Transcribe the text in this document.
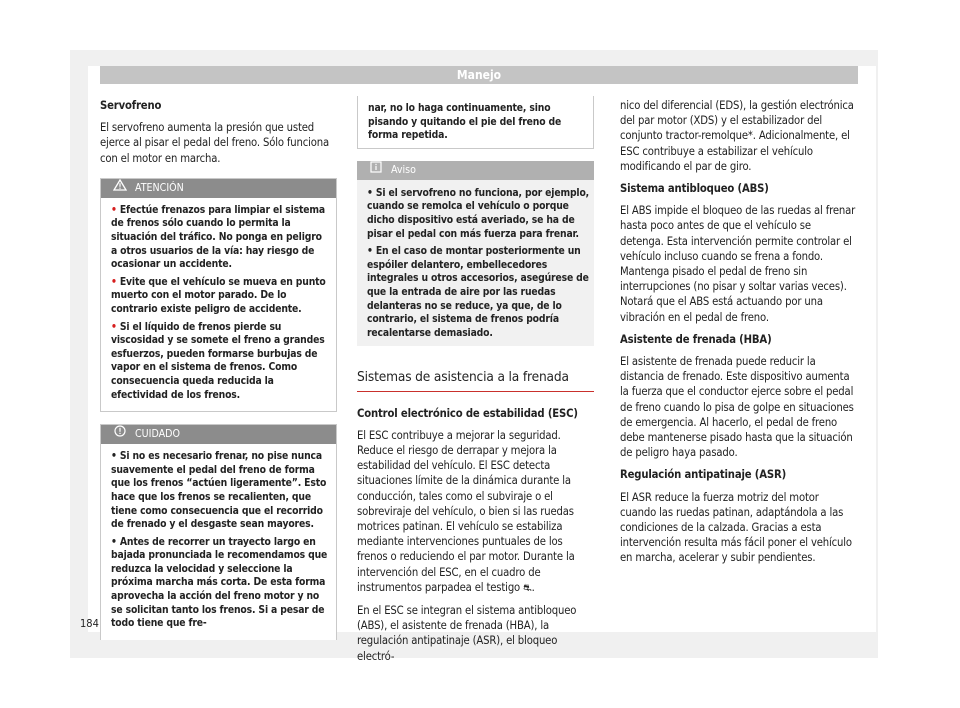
Manejo

Servofreno

El servofreno aumenta la presión que usted ejerce al pisar el pedal del freno. Sólo funciona con el motor en marcha.

ATENCIÓN
• Efectúe frenazos para limpiar el sistema de frenos sólo cuando lo permita la situación del tráfico. No ponga en peligro a otros usuarios de la vía: hay riesgo de ocasionar un accidente.
• Evite que el vehículo se mueva en punto muerto con el motor parado. De lo contrario existe peligro de accidente.
• Si el líquido de frenos pierde su viscosidad y se somete el freno a grandes esfuerzos, pueden formarse burbujas de vapor en el sistema de frenos. Como consecuencia queda reducida la efectividad de los frenos.
CUIDADO
• Si no es necesario frenar, no pise nunca suavemente el pedal del freno de forma que los frenos “actúen ligeramente”. Esto hace que los frenos se recalienten, que tiene como consecuencia que el recorrido de frenado y el desgaste sean mayores.
• Antes de recorrer un trayecto largo en bajada pronunciada le recomendamos que reduzca la velocidad y seleccione la próxima marcha más corta. De esta forma aprovecha la acción del freno motor y no se solicitan tanto los frenos. Si a pesar de todo tiene que fre-
nar, no lo haga continuamente, sino pisando y quitando el pie del freno de forma repetida.
Aviso
• Si el servofreno no funciona, por ejemplo, cuando se remolca el vehículo o porque dicho dispositivo está averiado, se ha de pisar el pedal con más fuerza para frenar.
• En el caso de montar posteriormente un espóiler delantero, embellecedores integrales u otros accesorios, asegúrese de que la entrada de aire por las ruedas delanteras no se reduce, ya que, de lo contrario, el sistema de frenos podría recalentarse demasiado.
Sistemas de asistencia a la frenada

Control electrónico de estabilidad (ESC)

El ESC contribuye a mejorar la seguridad. Reduce el riesgo de derrapar y mejora la estabilidad del vehículo. El ESC detecta situaciones límite de la dinámica durante la conducción, tales como el subviraje o el sobreviraje del vehículo, o bien si las ruedas motrices patinan. El vehículo se estabiliza mediante intervenciones puntuales de los frenos o reduciendo el par motor. Durante la intervención del ESC, en el cuadro de instrumentos parpadea el testigo ⛐.

En el ESC se integran el sistema antibloqueo (ABS), el asistente de frenada (HBA), la regulación antipatinaje (ASR), el bloqueo electró-

nico del diferencial (EDS), la gestión electrónica del par motor (XDS) y el estabilizador del conjunto tractor-remolque*. Adicionalmente, el ESC contribuye a estabilizar el vehículo modificando el par de giro.

Sistema antibloqueo (ABS)

El ABS impide el bloqueo de las ruedas al frenar hasta poco antes de que el vehículo se detenga. Esta intervención permite controlar el vehículo incluso cuando se frena a fondo. Mantenga pisado el pedal de freno sin interrupciones (no pisar y soltar varias veces). Notará que el ABS está actuando por una vibración en el pedal de freno.

Asistente de frenada (HBA)

El asistente de frenada puede reducir la distancia de frenado. Este dispositivo aumenta la fuerza que el conductor ejerce sobre el pedal de freno cuando lo pisa de golpe en situaciones de emergencia. Al hacerlo, el pedal de freno debe mantenerse pisado hasta que la situación de peligro haya pasado.

Regulación antipatinaje (ASR)

El ASR reduce la fuerza motriz del motor cuando las ruedas patinan, adaptándola a las condiciones de la calzada. Gracias a esta intervención resulta más fácil poner el vehículo en marcha, acelerar y subir pendientes.

184
